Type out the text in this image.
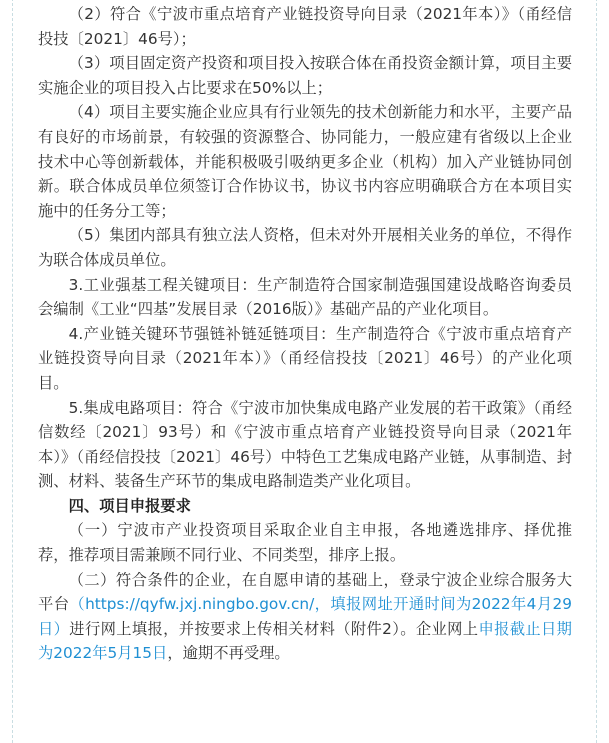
（2）符合《宁波市重点培育产业链投资导向目录（2021年本）》（甬经信投技〔2021〕46号）；

（3）项目固定资产投资和项目投入按联合体在甬投资金额计算，项目主要实施企业的项目投入占比要求在50%以上；

（4）项目主要实施企业应具有行业领先的技术创新能力和水平，主要产品有良好的市场前景，有较强的资源整合、协同能力，一般应建有省级以上企业技术中心等创新载体，并能积极吸引吸纳更多企业（机构）加入产业链协同创新。联合体成员单位须签订合作协议书，协议书内容应明确联合方在本项目实施中的任务分工等；

（5）集团内部具有独立法人资格，但未对外开展相关业务的单位，不得作为联合体成员单位。

3.工业强基工程关键项目：生产制造符合国家制造强国建设战略咨询委员会编制《工业“四基”发展目录（2016版）》基础产品的产业化项目。

4.产业链关键环节强链补链延链项目：生产制造符合《宁波市重点培育产业链投资导向目录（2021年本）》（甬经信投技〔2021〕46号）的产业化项目。

5.集成电路项目：符合《宁波市加快集成电路产业发展的若干政策》（甬经信数经〔2021〕93号）和《宁波市重点培育产业链投资导向目录（2021年本）》（甬经信投技〔2021〕46号）中特色工艺集成电路产业链，从事制造、封测、材料、装备生产环节的集成电路制造类产业化项目。

四、项目申报要求

（一）宁波市产业投资项目采取企业自主申报，各地遴选排序、择优推荐，推荐项目需兼顾不同行业、不同类型，排序上报。

（二）符合条件的企业，在自愿申请的基础上，登录宁波企业综合服务大平台（https://qyfw.jxj.ningbo.gov.cn/，填报网址开通时间为2022年4月29日）进行网上填报，并按要求上传相关材料（附件2）。企业网上申报截止日期为2022年5月15日，逾期不再受理。
